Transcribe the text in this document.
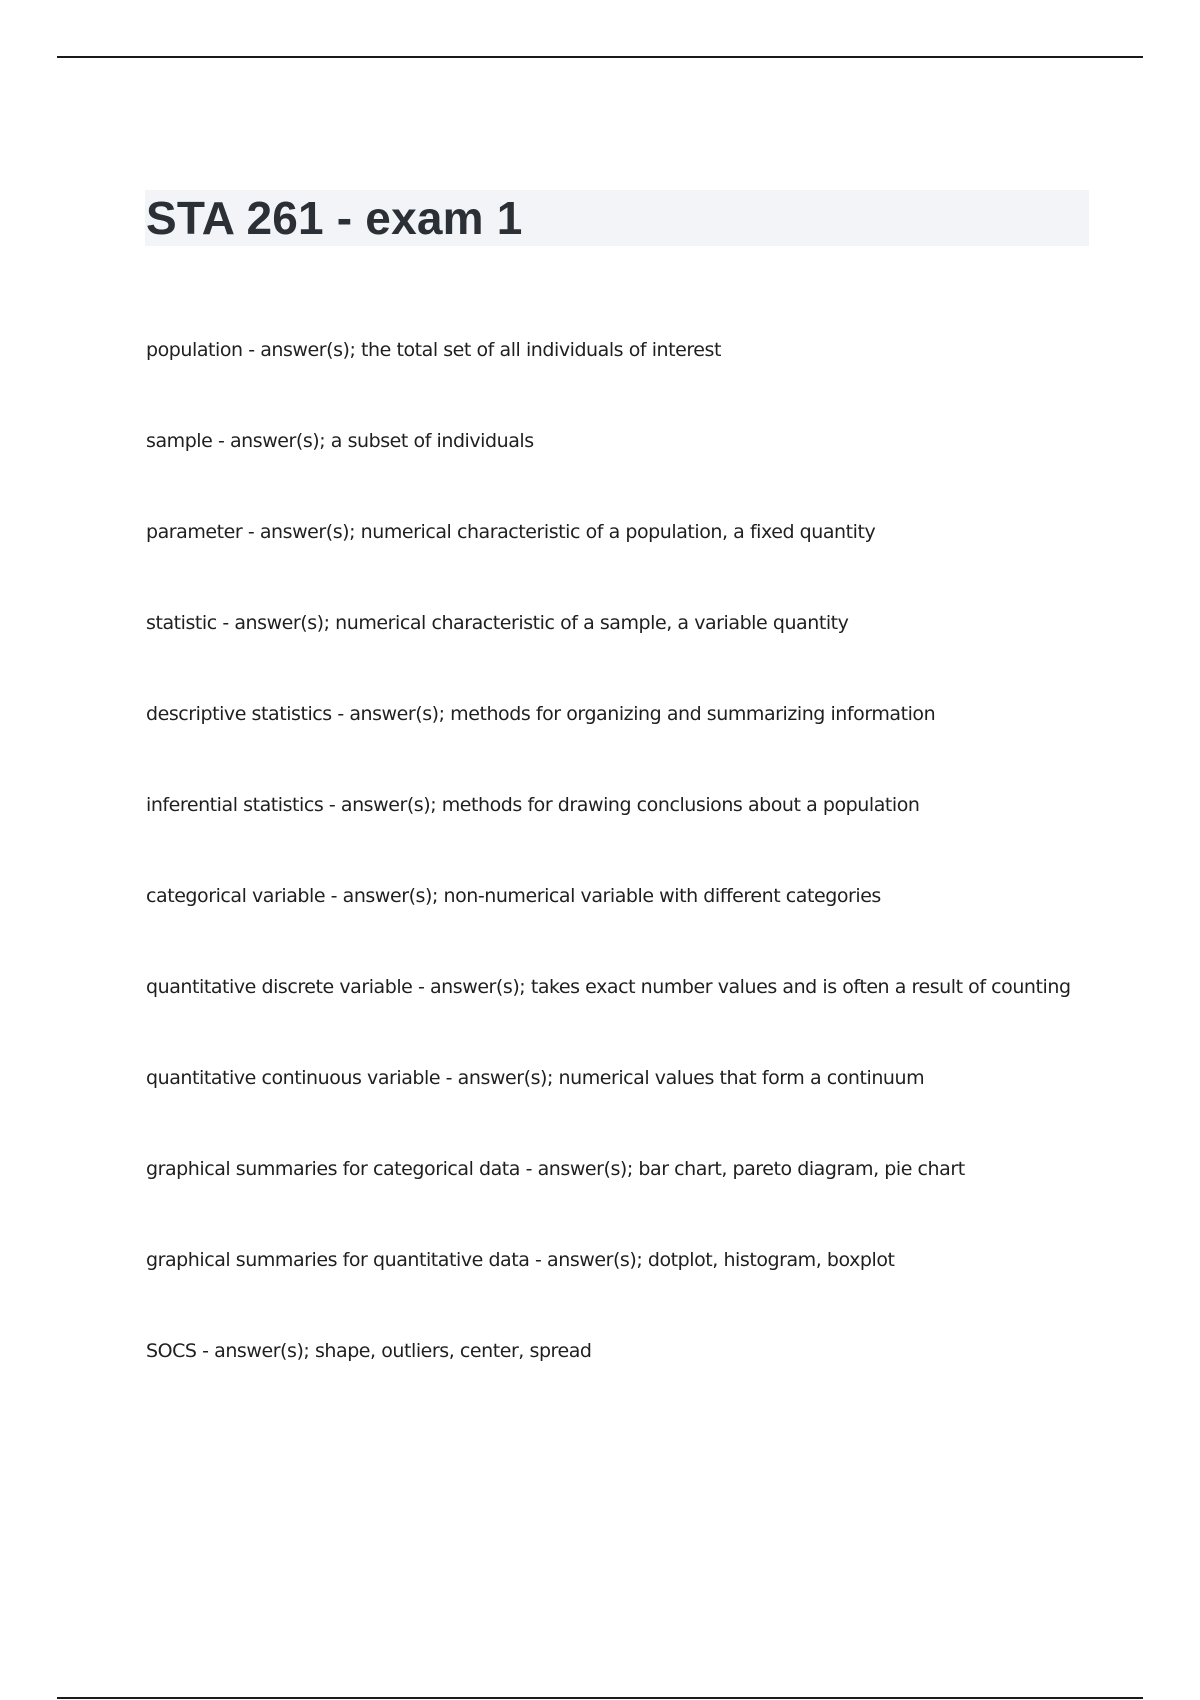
STA 261 - exam 1
population - answer(s); the total set of all individuals of interest
sample - answer(s); a subset of individuals
parameter - answer(s); numerical characteristic of a population, a fixed quantity
statistic - answer(s); numerical characteristic of a sample, a variable quantity
descriptive statistics - answer(s); methods for organizing and summarizing information
inferential statistics - answer(s); methods for drawing conclusions about a population
categorical variable - answer(s); non-numerical variable with different categories
quantitative discrete variable - answer(s); takes exact number values and is often a result of counting
quantitative continuous variable - answer(s); numerical values that form a continuum
graphical summaries for categorical data - answer(s); bar chart, pareto diagram, pie chart
graphical summaries for quantitative data - answer(s); dotplot, histogram, boxplot
SOCS - answer(s); shape, outliers, center, spread
